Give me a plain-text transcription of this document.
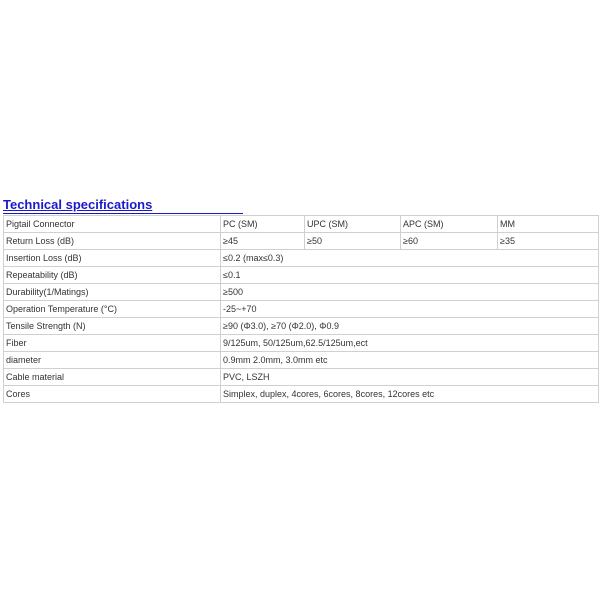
Technical specifications
Pigtail Connector	PC (SM)	UPC (SM)	APC (SM)	MM
Return Loss (dB)	≥45	≥50	≥60	≥35
Insertion Loss (dB)	≤0.2 (max≤0.3)			
Repeatability (dB)	≤0.1			
Durability(1/Matings)	≥500			
Operation Temperature (°C)	-25~+70			
Tensile Strength (N)	≥90 (Φ3.0), ≥70 (Φ2.0), Φ0.9			
Fiber	9/125um, 50/125um,62.5/125um,ect			
diameter	0.9mm 2.0mm, 3.0mm etc			
Cable material	PVC, LSZH			
Cores	Simplex, duplex, 4cores, 6cores, 8cores, 12cores etc			
